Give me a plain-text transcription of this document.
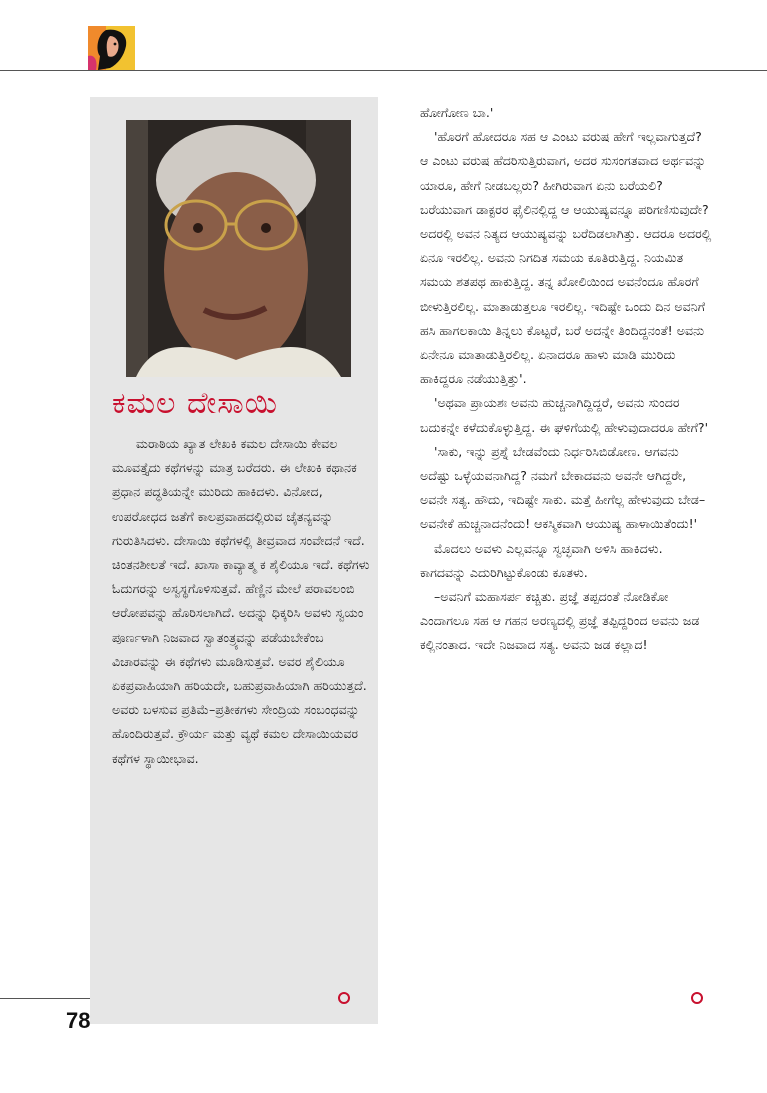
ಕಮಲ ದೇಸಾಯಿ

ಮರಾಠಿಯ ಖ್ಯಾತ ಲೇಖಕಿ ಕಮಲ ದೇಸಾಯಿ ಕೇವಲ ಮೂವತ್ತೈದು ಕಥೆಗಳನ್ನು ಮಾತ್ರ ಬರೆದರು. ಈ ಲೇಖಕಿ ಕಥಾನಕ ಪ್ರಧಾನ ಪದ್ಧತಿಯನ್ನೇ ಮುರಿದು ಹಾಕಿದಳು. ವಿನೋದ, ಉಪರೋಧದ ಜತೆಗೆ ಕಾಲಪ್ರವಾಹದಲ್ಲಿರುವ ಚೈತನ್ಯವನ್ನು ಗುರುತಿಸಿದಳು. ದೇಸಾಯಿ ಕಥೆಗಳಲ್ಲಿ ತೀವ್ರವಾದ ಸಂವೇದನೆ ಇದೆ. ಚಿಂತನಶೀಲತೆ ಇದೆ. ಖಾಸಾ ಕಾವ್ಯಾತ್ಮ ಕ ಶೈಲಿಯೂ ಇದೆ. ಕಥೆಗಳು ಓದುಗರನ್ನು ಅಸ್ವಸ್ಥಗೊಳಿಸುತ್ತವೆ. ಹೆಣ್ಣಿನ ಮೇಲೆ ಪರಾವಲಂಬಿ ಆರೋಪವನ್ನು ಹೊರಿಸಲಾಗಿದೆ. ಅದನ್ನು ಧಿಕ್ಕರಿಸಿ ಅವಳು ಸ್ವಯಂ ಪೂರ್ಣಳಾಗಿ ನಿಜವಾದ ಸ್ವಾತಂತ್ರ್ಯವನ್ನು ಪಡೆಯಬೇಕೆಂಬ ವಿಚಾರವನ್ನು ಈ ಕಥೆಗಳು ಮೂಡಿಸುತ್ತವೆ. ಅವರ ಶೈಲಿಯೂ ಏಕಪ್ರವಾಹಿಯಾಗಿ ಹರಿಯದೇ, ಬಹುಪ್ರವಾಹಿಯಾಗಿ ಹರಿಯುತ್ತದೆ. ಅವರು ಬಳಸುವ ಪ್ರತಿಮೆ–ಪ್ರತೀಕಗಳು ಸೇಂದ್ರಿಯ ಸಂಬಂಧವನ್ನು ಹೊಂದಿರುತ್ತವೆ. ಕ್ರೌರ್ಯ ಮತ್ತು ವ್ಯಥೆ ಕಮಲ ದೇಸಾಯಿಯವರ ಕಥೆಗಳ ಸ್ಥಾಯೀಭಾವ.

ಹೋಗೋಣ ಬಾ.'

'ಹೊರಗೆ ಹೋದರೂ ಸಹ ಆ ಎಂಟು ವರುಷ ಹೇಗೆ ಇಲ್ಲವಾಗುತ್ತದೆ? ಆ ಎಂಟು ವರುಷ ಹೆದರಿಸುತ್ತಿರುವಾಗ, ಅದರ ಸುಸಂಗತವಾದ ಅರ್ಥವನ್ನು ಯಾರೂ, ಹೇಗೆ ನೀಡಬಲ್ಲರು? ಹೀಗಿರುವಾಗ ಏನು ಬರೆಯಲಿ? ಬರೆಯುವಾಗ ಡಾಕ್ಟರರ ಫೈಲಿನಲ್ಲಿದ್ದ ಆ ಆಯುಷ್ಯವನ್ನೂ ಪರಿಗಣಿಸುವುದೇ? ಅದರಲ್ಲಿ ಅವನ ನಿತ್ಯದ ಆಯುಷ್ಯವನ್ನು ಬರೆದಿಡಲಾಗಿತ್ತು. ಆದರೂ ಅದರಲ್ಲಿ ಏನೂ ಇರಲಿಲ್ಲ. ಅವನು ನಿಗದಿತ ಸಮಯ ಕೂತಿರುತ್ತಿದ್ದ. ನಿಯಮಿತ ಸಮಯ ಶತಪಥ ಹಾಕುತ್ತಿದ್ದ. ತನ್ನ ಖೋಲಿಯಿಂದ ಅವನೆಂದೂ ಹೊರಗೆ ಬೀಳುತ್ತಿರಲಿಲ್ಲ. ಮಾತಾಡುತ್ತಲೂ ಇರಲಿಲ್ಲ. ಇದಿಷ್ಟೇ ಒಂದು ದಿನ ಅವನಿಗೆ ಹಸಿ ಹಾಗಲಕಾಯಿ ತಿನ್ನಲು ಕೊಟ್ಟರೆ, ಬರೆ ಅದನ್ನೇ ತಿಂದಿದ್ದನಂತೆ! ಅವನು ಏನೇನೂ ಮಾತಾಡುತ್ತಿರಲಿಲ್ಲ. ಏನಾದರೂ ಹಾಳು ಮಾಡಿ ಮುರಿದು ಹಾಕಿದ್ದರೂ ನಡೆಯುತ್ತಿತ್ತು'.

'ಅಥವಾ ಪ್ರಾಯಶಃ ಅವನು ಹುಚ್ಚನಾಗಿದ್ದಿದ್ದರೆ, ಅವನು ಸುಂದರ ಬದುಕನ್ನೇ ಕಳೆದುಕೊಳ್ಳುತ್ತಿದ್ದ. ಈ ಘಳಿಗೆಯಲ್ಲಿ ಹೇಳುವುದಾದರೂ ಹೇಗೆ?'

'ಸಾಕು, ಇನ್ನು ಪ್ರಶ್ನೆ ಬೇಡವೆಂದು ನಿರ್ಧರಿಸಿಬಿಡೋಣ. ಆಗವನು ಅದೆಷ್ಟು ಒಳ್ಳೆಯವನಾಗಿದ್ದ? ನಮಗೆ ಬೇಕಾದವನು ಅವನೇ ಆಗಿದ್ದರೇ, ಅವನೇ ಸತ್ಯ. ಹೌದು, ಇದಿಷ್ಟೇ ಸಾಕು. ಮತ್ತೆ ಹೀಗೆಲ್ಲ ಹೇಳುವುದು ಬೇಡ– ಅವನೇಕೆ ಹುಚ್ಚನಾದನೆಂದು! ಆಕಸ್ಮಿಕವಾಗಿ ಆಯುಷ್ಯ ಹಾಳಾಯಿತೆಂದು!'

ಮೊದಲು ಅವಳು ಎಲ್ಲವನ್ನೂ ಸ್ವಚ್ಛವಾಗಿ ಅಳಿಸಿ ಹಾಕಿದಳು. ಕಾಗದವನ್ನು ಎದುರಿಗಿಟ್ಟುಕೊಂಡು ಕೂತಳು.

–ಅವನಿಗೆ ಮಹಾಸರ್ಪ ಕಚ್ಚಿತು. ಪ್ರಜ್ಞೆ ತಪ್ಪದಂತೆ ನೋಡಿಕೋ ಎಂದಾಗಲೂ ಸಹ ಆ ಗಹನ ಅರಣ್ಯದಲ್ಲಿ ಪ್ರಜ್ಞೆ ತಪ್ಪಿದ್ದರಿಂದ ಅವನು ಜಡ ಕಲ್ಲಿನಂತಾದ. ಇದೇ ನಿಜವಾದ ಸತ್ಯ. ಅವನು ಜಡ ಕಲ್ಲಾದ!

78
